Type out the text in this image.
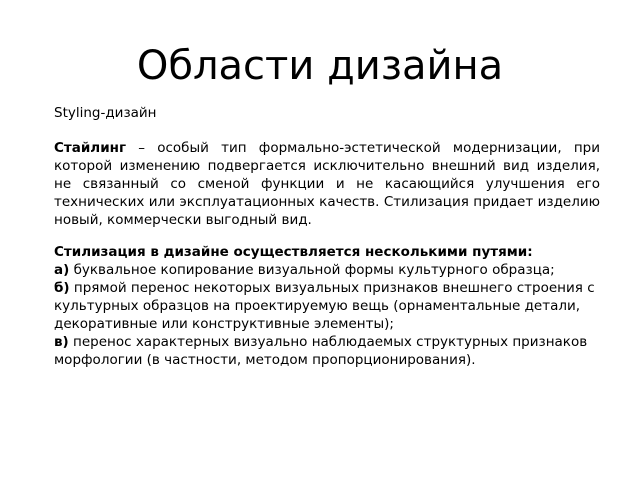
Области дизайна

Styling-дизайн

Стайлинг – особый тип формально-эстетической модернизации, при которой изменению подвергается исключительно внешний вид изделия, не связанный со сменой функции и не касающийся улучшения его технических или эксплуатационных качеств. Стилизация придает изделию новый, коммерчески выгодный вид.

Стилизация в дизайне осуществляется несколькими путями:

а) буквальное копирование визуальной формы культурного образца;

б) прямой перенос некоторых визуальных признаков внешнего строения с культурных образцов на проектируемую вещь (орнаментальные детали, декоративные или конструктивные элементы);

в) перенос характерных визуально наблюдаемых структурных признаков морфологии (в частности, методом пропорционирования).
